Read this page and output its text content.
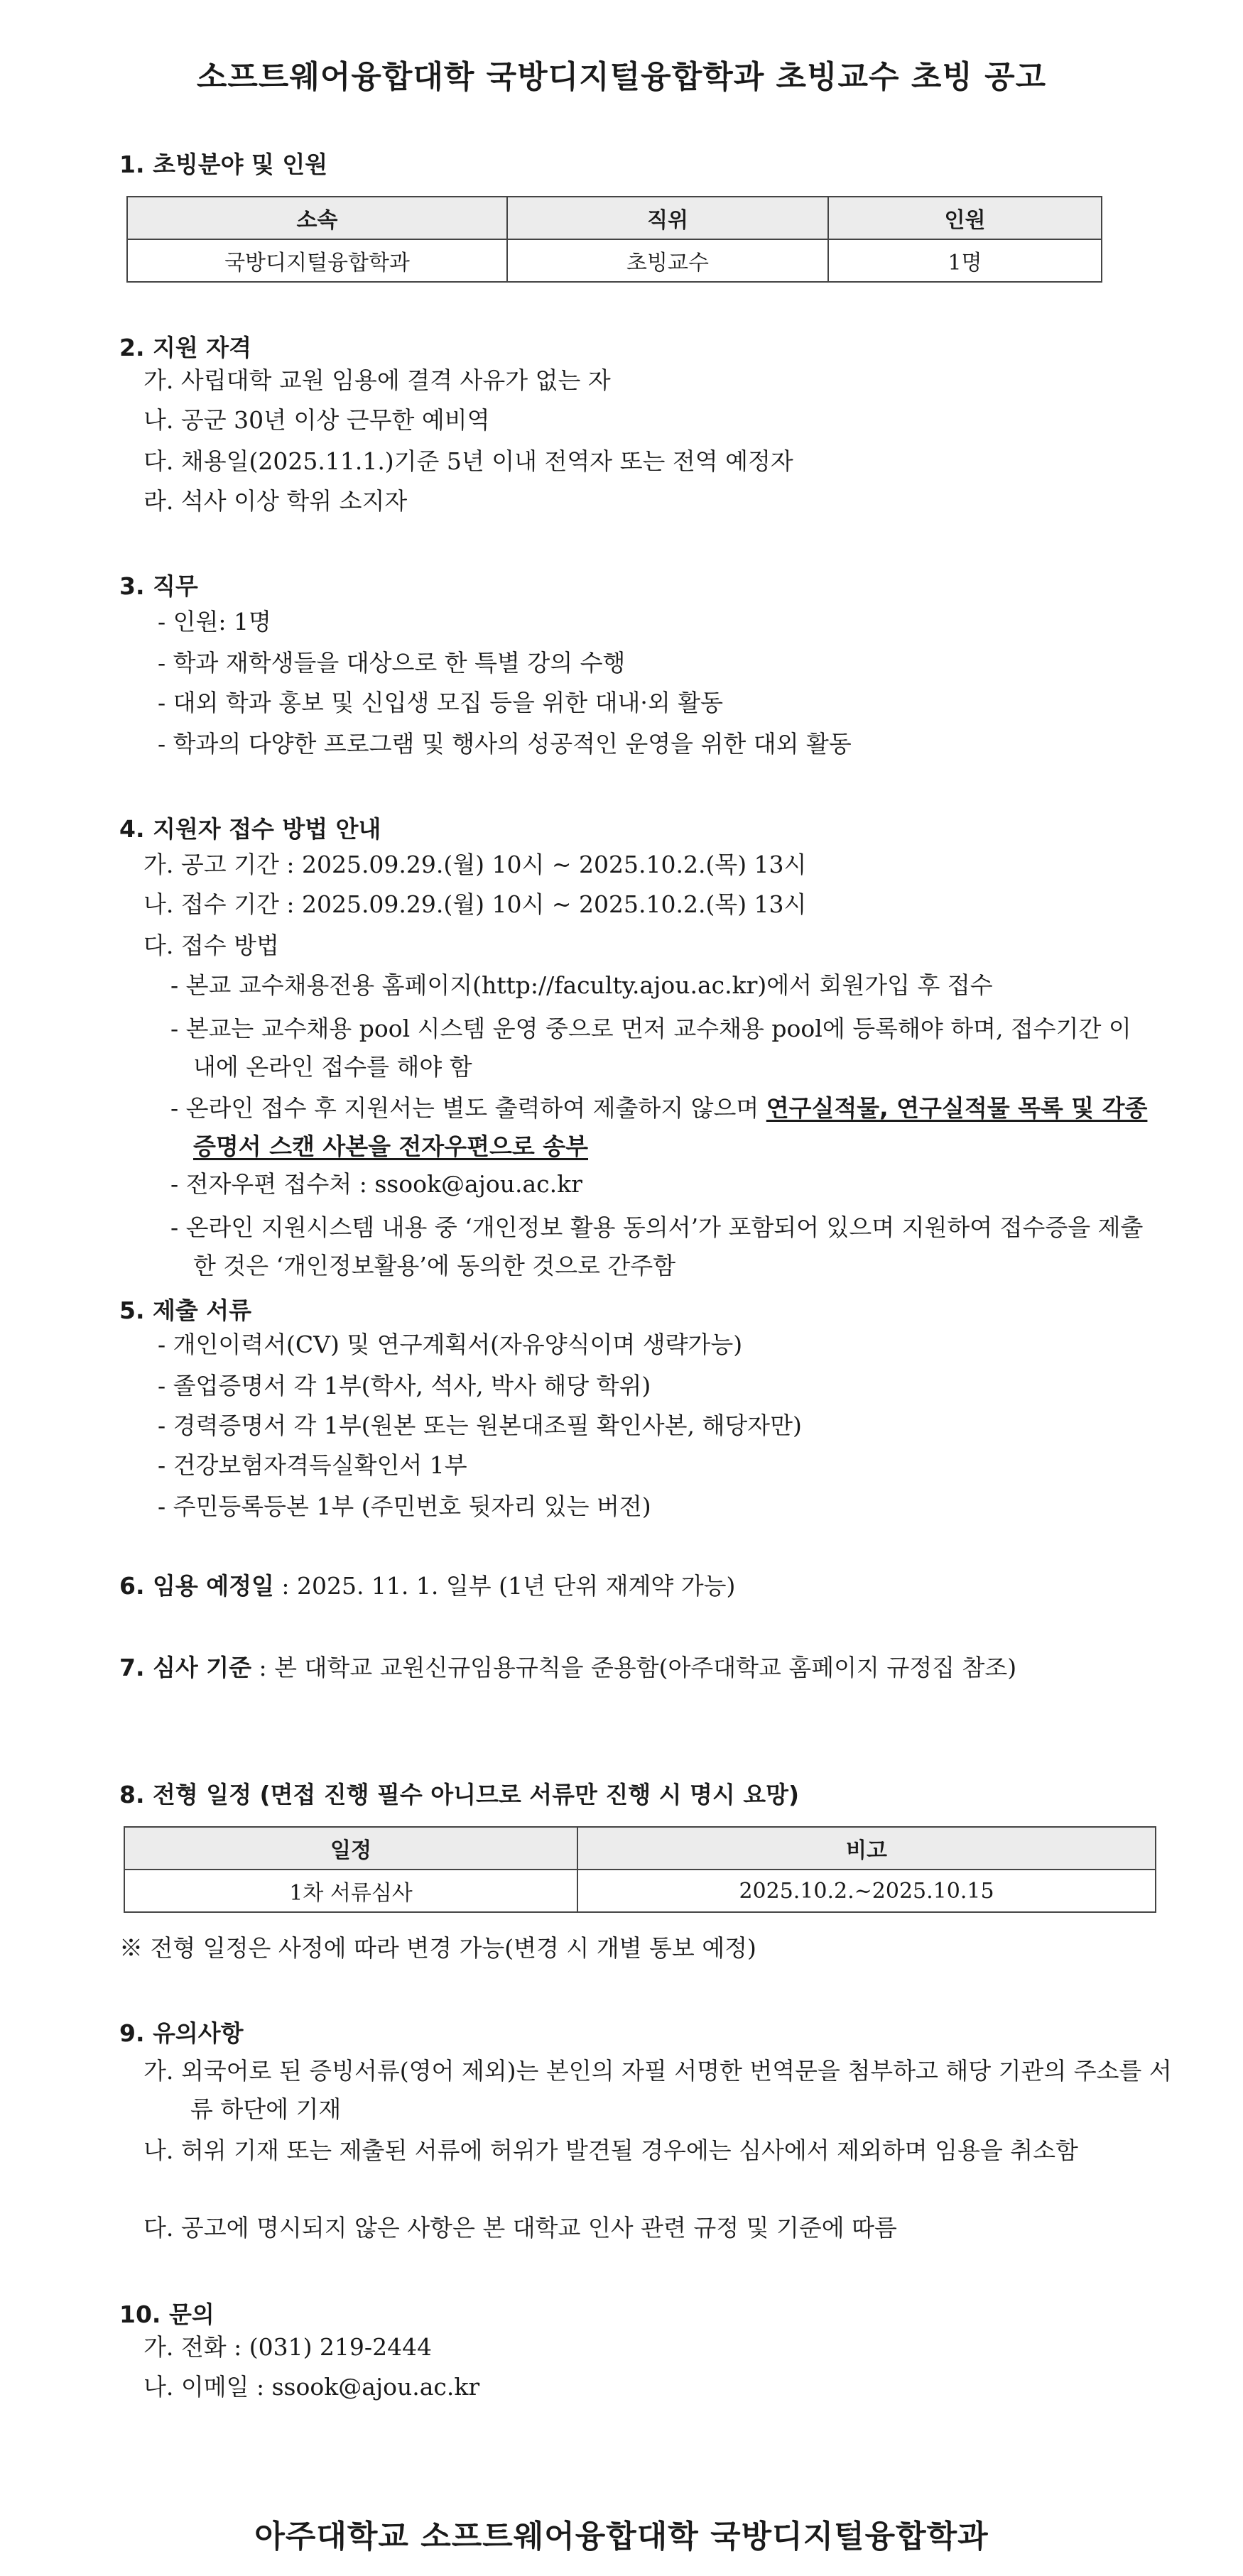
소프트웨어융합대학 국방디지털융합학과 초빙교수 초빙 공고
1. 초빙분야 및 인원
소속	직위	인원
국방디지털융합학과	초빙교수	1명
2. 지원 자격
가. 사립대학 교원 임용에 결격 사유가 없는 자
나. 공군 30년 이상 근무한 예비역
다. 채용일(2025.11.1.)기준 5년 이내 전역자 또는 전역 예정자
라. 석사 이상 학위 소지자
3. 직무
- 인원: 1명
- 학과 재학생들을 대상으로 한 특별 강의 수행
- 대외 학과 홍보 및 신입생 모집 등을 위한 대내·외 활동
- 학과의 다양한 프로그램 및 행사의 성공적인 운영을 위한 대외 활동
4. 지원자 접수 방법 안내
가. 공고 기간 : 2025.09.29.(월) 10시 ~ 2025.10.2.(목) 13시
나. 접수 기간 : 2025.09.29.(월) 10시 ~ 2025.10.2.(목) 13시
다. 접수 방법
- 본교 교수채용전용 홈페이지(http://faculty.ajou.ac.kr)에서 회원가입 후 접수
- 본교는 교수채용 pool 시스템 운영 중으로 먼저 교수채용 pool에 등록해야 하며, 접수기간 이내에 온라인 접수를 해야 함
- 온라인 접수 후 지원서는 별도 출력하여 제출하지 않으며 연구실적물, 연구실적물 목록 및 각종 증명서 스캔 사본을 전자우편으로 송부
- 전자우편 접수처 : ssook@ajou.ac.kr
- 온라인 지원시스템 내용 중 ‘개인정보 활용 동의서’가 포함되어 있으며 지원하여 접수증을 제출한 것은 ‘개인정보활용’에 동의한 것으로 간주함
5. 제출 서류
- 개인이력서(CV) 및 연구계획서(자유양식이며 생략가능)
- 졸업증명서 각 1부(학사, 석사, 박사 해당 학위)
- 경력증명서 각 1부(원본 또는 원본대조필 확인사본, 해당자만)
- 건강보험자격득실확인서 1부
- 주민등록등본 1부 (주민번호 뒷자리 있는 버전)
6. 임용 예정일 : 2025. 11. 1. 일부 (1년 단위 재계약 가능)
7. 심사 기준 : 본 대학교 교원신규임용규칙을 준용함(아주대학교 홈페이지 규정집 참조)
8. 전형 일정 (면접 진행 필수 아니므로 서류만 진행 시 명시 요망)
일정	비고
1차 서류심사	2025.10.2.~2025.10.15
※ 전형 일정은 사정에 따라 변경 가능(변경 시 개별 통보 예정)
9. 유의사항
가. 외국어로 된 증빙서류(영어 제외)는 본인의 자필 서명한 번역문을 첨부하고 해당 기관의 주소를 서류 하단에 기재
나. 허위 기재 또는 제출된 서류에 허위가 발견될 경우에는 심사에서 제외하며 임용을 취소함
다. 공고에 명시되지 않은 사항은 본 대학교 인사 관련 규정 및 기준에 따름
10. 문의
가. 전화 : (031) 219-2444
나. 이메일 : ssook@ajou.ac.kr
아주대학교 소프트웨어융합대학 국방디지털융합학과
